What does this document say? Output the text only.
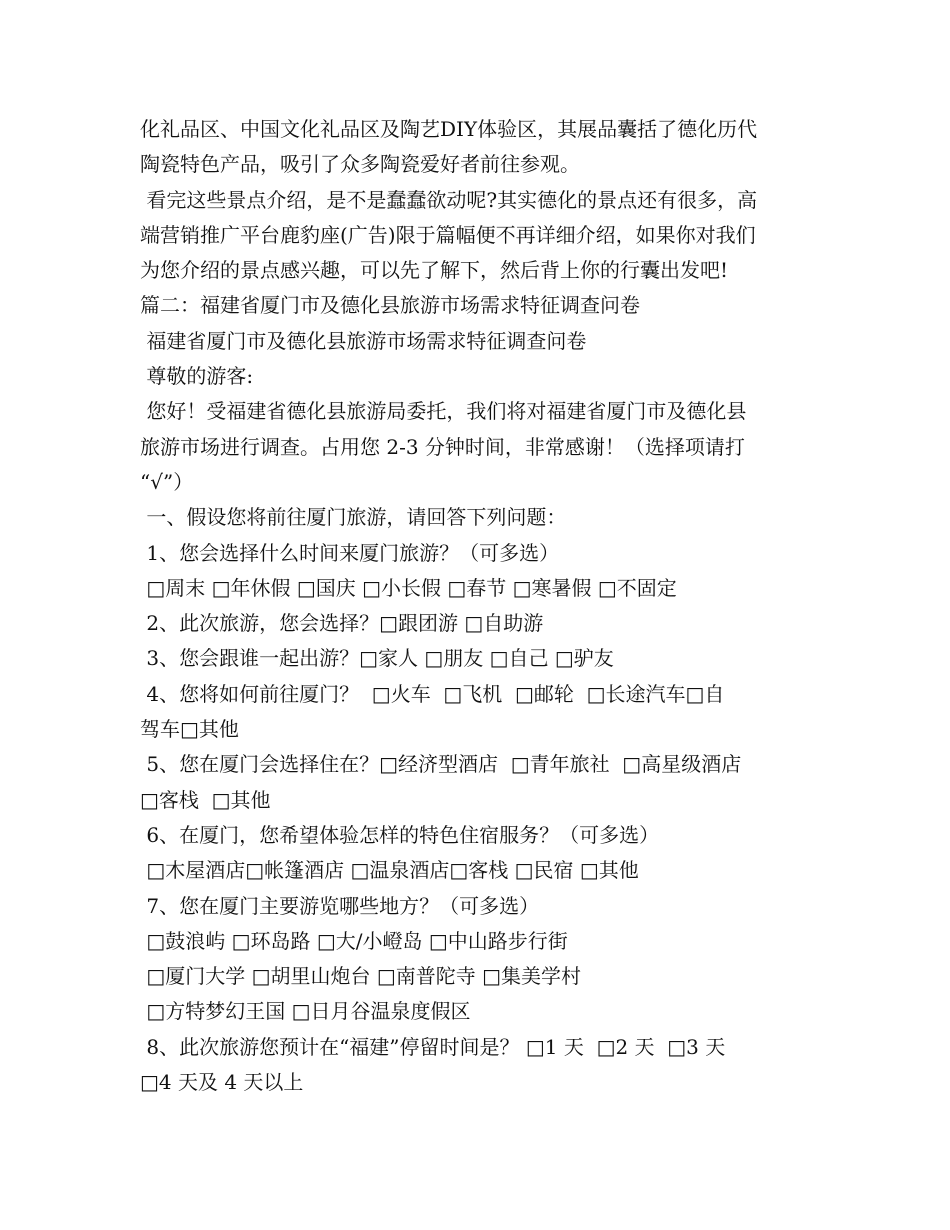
化礼品区、中国文化礼品区及陶艺DIY体验区，其展品囊括了德化历代
陶瓷特色产品，吸引了众多陶瓷爱好者前往参观。
看完这些景点介绍，是不是蠢蠢欲动呢?其实德化的景点还有很多，高
端营销推广平台鹿豹座(广告)限于篇幅便不再详细介绍，如果你对我们
为您介绍的景点感兴趣，可以先了解下，然后背上你的行囊出发吧!
篇二：福建省厦门市及德化县旅游市场需求特征调查问卷
福建省厦门市及德化县旅游市场需求特征调查问卷
尊敬的游客:
您好！受福建省德化县旅游局委托，我们将对福建省厦门市及德化县
旅游市场进行调查。占用您 2-3 分钟时间，非常感谢！（选择项请打
“√”）
一、假设您将前往厦门旅游，请回答下列问题：
1、您会选择什么时间来厦门旅游？（可多选）
□周末 □年休假 □国庆 □小长假 □春节 □寒暑假 □不固定
2、此次旅游，您会选择？□跟团游 □自助游
3、您会跟谁一起出游？□家人 □朋友 □自己 □驴友
4、您将如何前往厦门？  □火车  □飞机  □邮轮  □长途汽车□自
驾车□其他
5、您在厦门会选择住在？□经济型酒店  □青年旅社  □高星级酒店
□客栈  □其他
6、在厦门，您希望体验怎样的特色住宿服务？（可多选）
□木屋酒店□帐篷酒店 □温泉酒店□客栈 □民宿 □其他
7、您在厦门主要游览哪些地方？（可多选）
□鼓浪屿 □环岛路 □大/小嶝岛 □中山路步行街
□厦门大学 □胡里山炮台 □南普陀寺 □集美学村
□方特梦幻王国 □日月谷温泉度假区
8、此次旅游您预计在“福建”停留时间是？ □1 天  □2 天  □3 天
□4 天及 4 天以上
